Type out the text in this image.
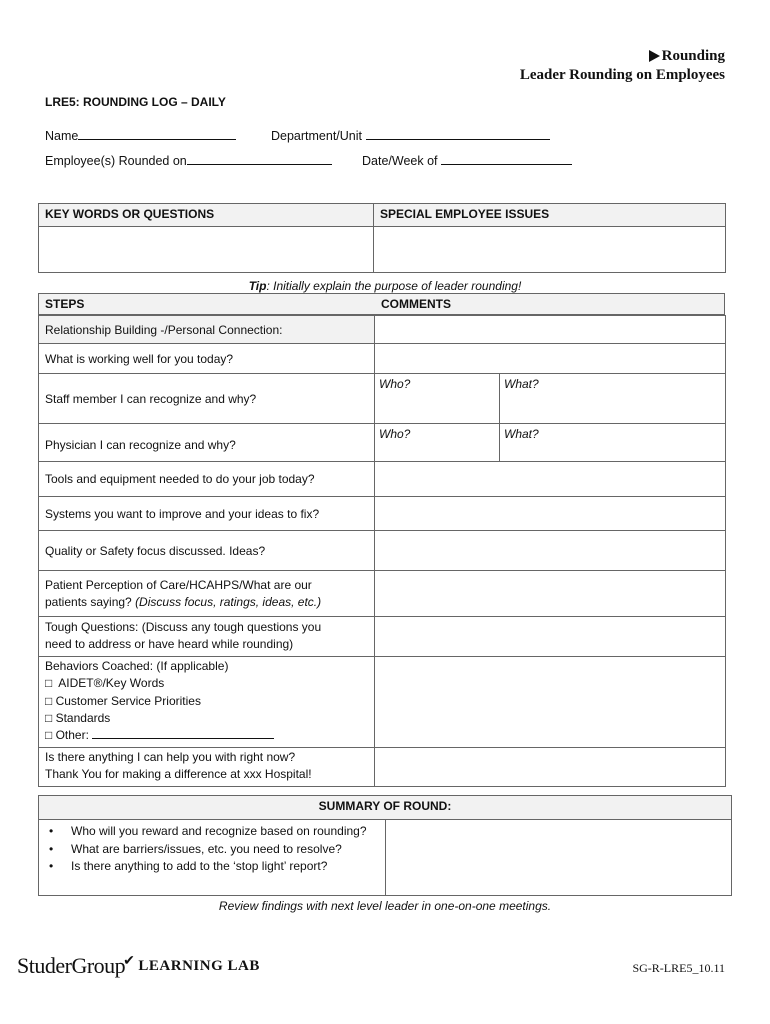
Rounding
Leader Rounding on Employees
LRE5: ROUNDING LOG – DAILY
Name	Department/Unit
Employee(s) Rounded on	Date/Week of
KEY WORDS OR QUESTIONS	SPECIAL EMPLOYEE ISSUES

Tip: Initially explain the purpose of leader rounding!
STEPS	COMMENTS
Relationship Building -/Personal Connection:		
What is working well for you today?		
Staff member I can recognize and why?	Who?	What?
Physician I can recognize and why?	Who?	What?
Tools and equipment needed to do your job today?		
Systems you want to improve and your ideas to fix?		
Quality or Safety focus discussed. Ideas?		

Patient Perception of Care/HCAHPS/What are our
patients saying? (Discuss focus, ratings, ideas, etc.)		

Tough Questions: (Discuss any tough questions you
need to address or have heard while rounding)		

Behaviors Coached: (If applicable)
□ AIDET®/Key Words
□ Customer Service Priorities
□ Standards
□ Other:		

Is there anything I can help you with right now?
Thank You for making a difference at xxx Hospital!		

SUMMARY OF ROUND:

• Who will you reward and recognize based on rounding?
• What are barriers/issues, etc. you need to resolve?
• Is there anything to add to the ‘stop light’ report?

Review findings with next level leader in one-on-one meetings.
StuderGroup✔ LEARNING LAB	SG-R-LRE5_10.11
